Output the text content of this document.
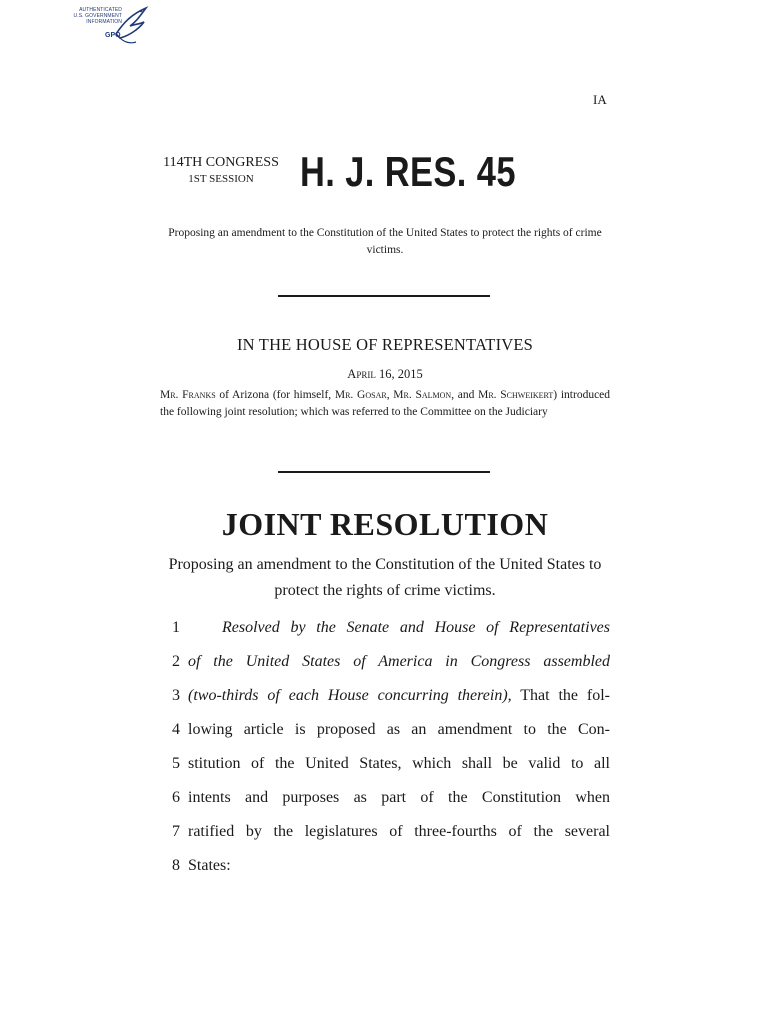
AUTHENTICATED
U.S. GOVERNMENT
INFORMATION
GPO
IA
114TH CONGRESS
1ST SESSION	H. J. RES. 45
Proposing an amendment to the Constitution of the United States to protect the rights of crime victims.
IN THE HOUSE OF REPRESENTATIVES
April 16, 2015
Mr. Franks of Arizona (for himself, Mr. Gosar, Mr. Salmon, and Mr. Schweikert) introduced the following joint resolution; which was referred to the Committee on the Judiciary
JOINT RESOLUTION
Proposing an amendment to the Constitution of the United States to protect the rights of crime victims.
1	Resolved by the Senate and House of Representatives
2 of the United States of America in Congress assembled
3 (two-thirds of each House concurring therein), That the fol-
4 lowing article is proposed as an amendment to the Con-
5 stitution of the United States, which shall be valid to all
6 intents and purposes as part of the Constitution when
7 ratified by the legislatures of three-fourths of the several
8 States:
